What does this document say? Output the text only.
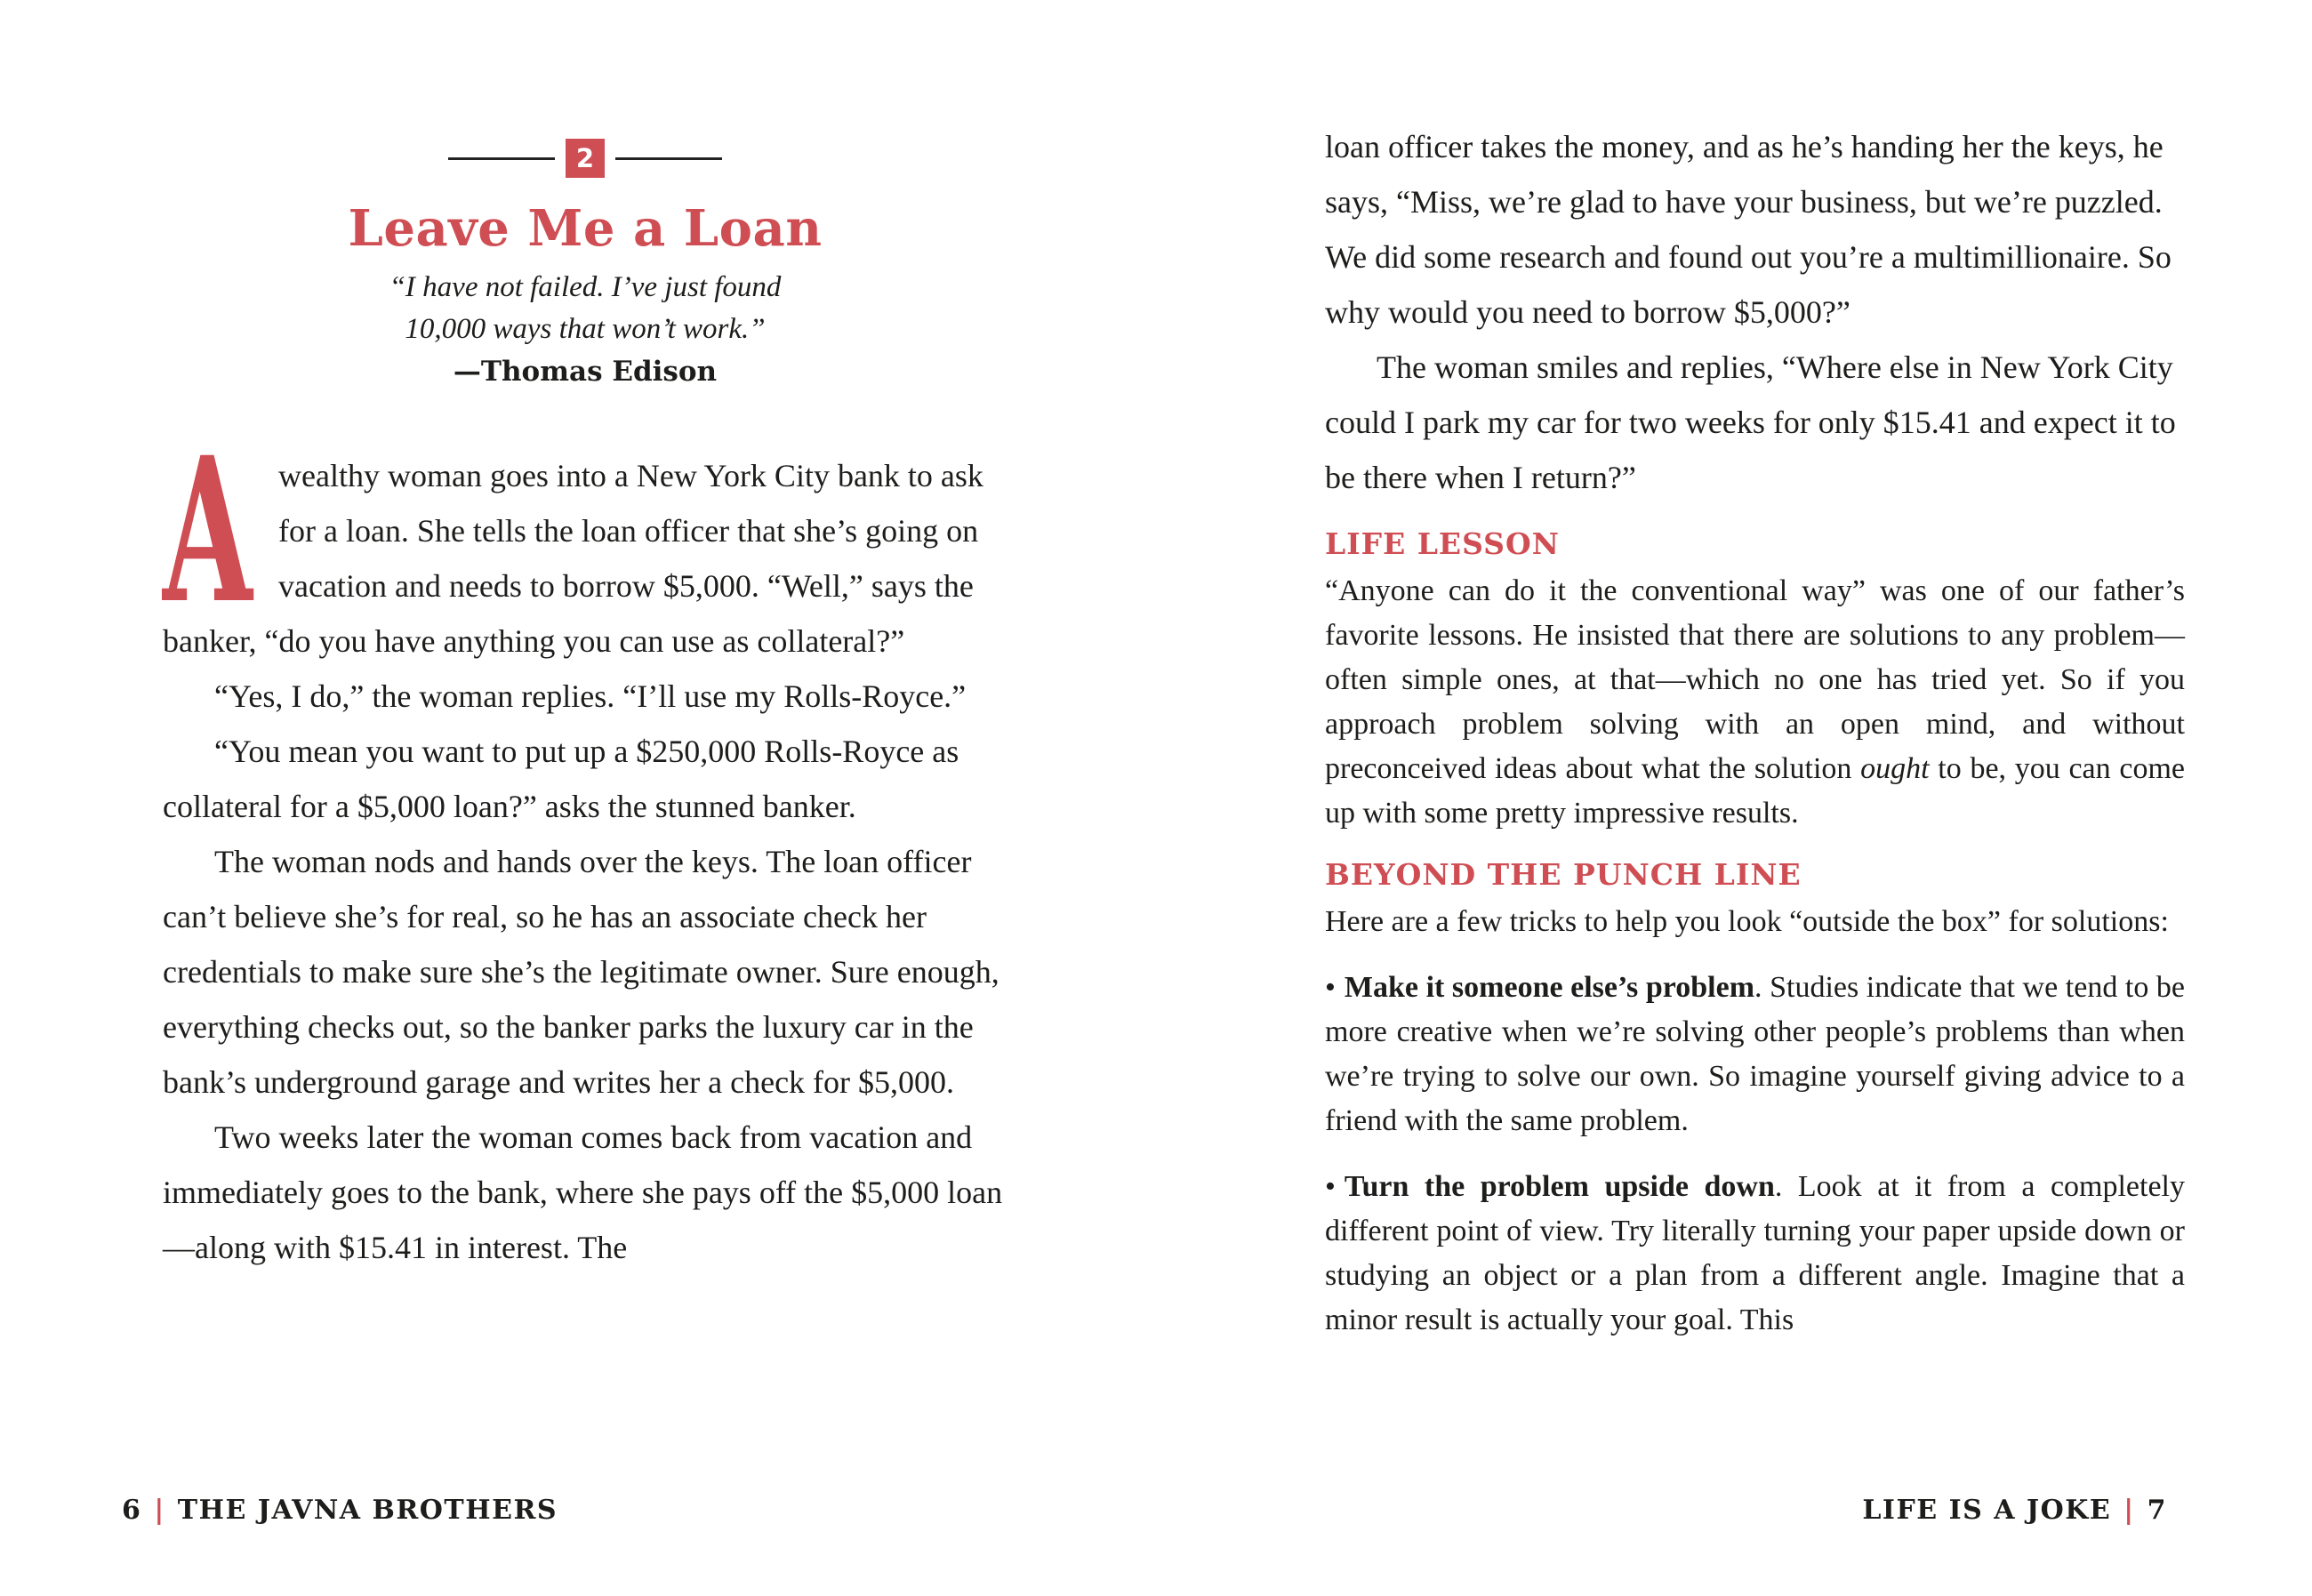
2
Leave Me a Loan
“I have not failed. I’ve just found
10,000 ways that won’t work.”
—Thomas Edison

A wealthy woman goes into a New York City bank to ask for a loan. She tells the loan officer that she’s going on vacation and needs to borrow $5,000. “Well,” says the banker, “do you have anything you can use as collateral?”

“Yes, I do,” the woman replies. “I’ll use my Rolls-Royce.”

“You mean you want to put up a $250,000 Rolls-Royce as collateral for a $5,000 loan?” asks the stunned banker.

The woman nods and hands over the keys. The loan officer can’t believe she’s for real, so he has an associate check her credentials to make sure she’s the legitimate owner. Sure enough, everything checks out, so the banker parks the luxury car in the bank’s underground garage and writes her a check for $5,000.

Two weeks later the woman comes back from vacation and immediately goes to the bank, where she pays off the $5,000 loan—along with $15.41 in interest. The

loan officer takes the money, and as he’s handing her the keys, he says, “Miss, we’re glad to have your business, but we’re puzzled. We did some research and found out you’re a multimillionaire. So why would you need to borrow $5,000?”

The woman smiles and replies, “Where else in New York City could I park my car for two weeks for only $15.41 and expect it to be there when I return?”

LIFE LESSON

“Anyone can do it the conventional way” was one of our father’s favorite lessons. He insisted that there are solutions to any problem—often simple ones, at that—which no one has tried yet. So if you approach problem solving with an open mind, and without preconceived ideas about what the solution ought to be, you can come up with some pretty impressive results.

BEYOND THE PUNCH LINE

Here are a few tricks to help you look “outside the box” for solutions:

• Make it someone else’s problem. Studies indicate that we tend to be more creative when we’re solving other people’s problems than when we’re trying to solve our own. So imagine yourself giving advice to a friend with the same problem.

• Turn the problem upside down. Look at it from a completely different point of view. Try literally turning your paper upside down or studying an object or a plan from a different angle. Imagine that a minor result is actually your goal. This

6 | THE JAVNA BROTHERS	LIFE IS A JOKE | 7
